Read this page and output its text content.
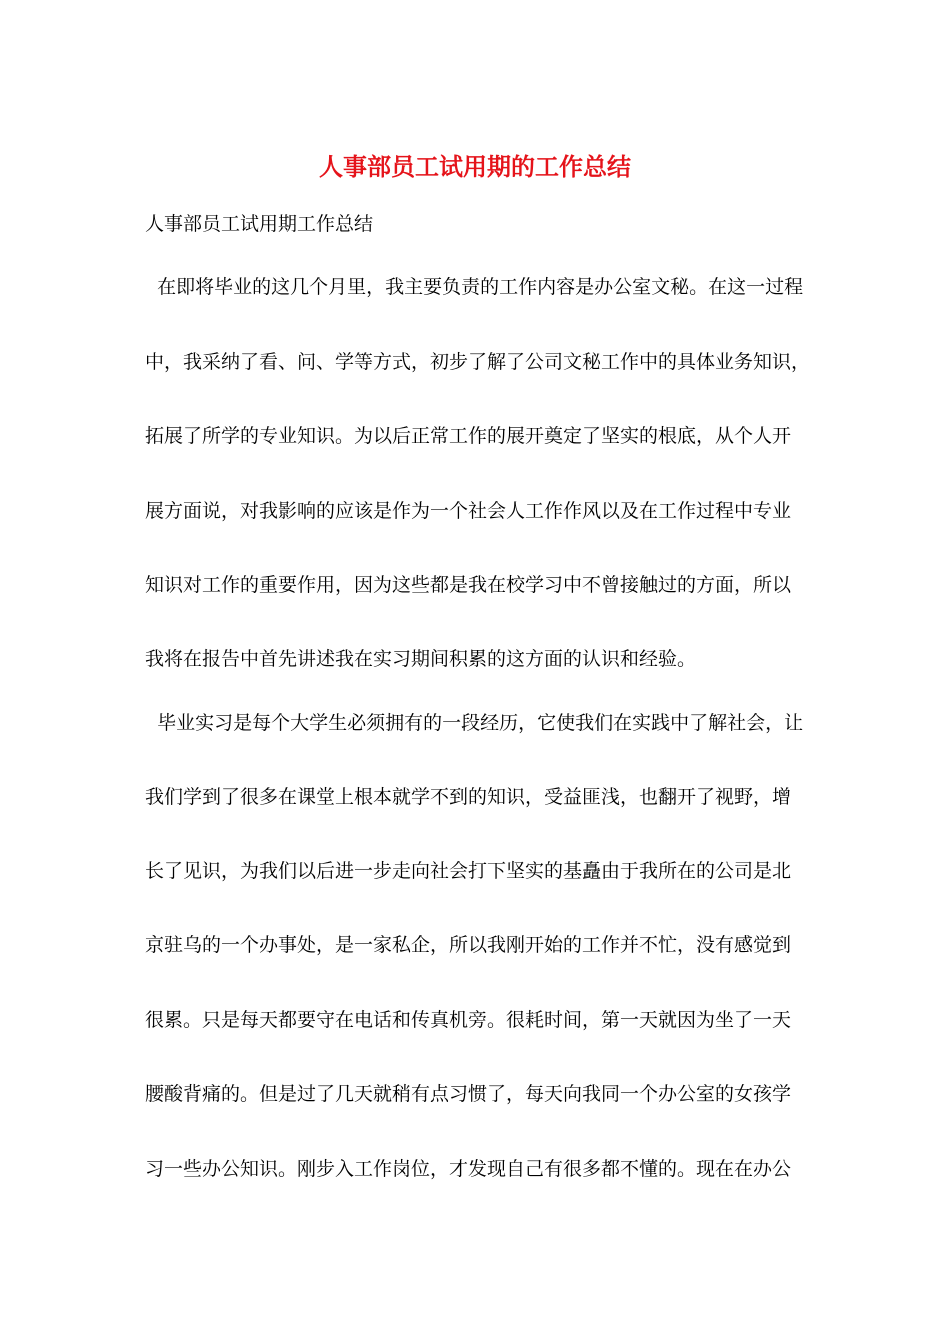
人事部员工试用期的工作总结

人事部员工试用期工作总结

在即将毕业的这几个月里，我主要负责的工作内容是办公室文秘。在这一过程

中，我采纳了看、问、学等方式，初步了解了公司文秘工作中的具体业务知识，

拓展了所学的专业知识。为以后正常工作的展开奠定了坚实的根底，从个人开

展方面说，对我影响的应该是作为一个社会人工作作风以及在工作过程中专业

知识对工作的重要作用，因为这些都是我在校学习中不曾接触过的方面，所以

我将在报告中首先讲述我在实习期间积累的这方面的认识和经验。

毕业实习是每个大学生必须拥有的一段经历，它使我们在实践中了解社会，让

我们学到了很多在课堂上根本就学不到的知识，受益匪浅，也翻开了视野，增

长了见识，为我们以后进一步走向社会打下坚实的基矗由于我所在的公司是北

京驻乌的一个办事处，是一家私企，所以我刚开始的工作并不忙，没有感觉到

很累。只是每天都要守在电话和传真机旁。很耗时间，第一天就因为坐了一天

腰酸背痛的。但是过了几天就稍有点习惯了，每天向我同一个办公室的女孩学

习一些办公知识。刚步入工作岗位，才发现自己有很多都不懂的。现在在办公
